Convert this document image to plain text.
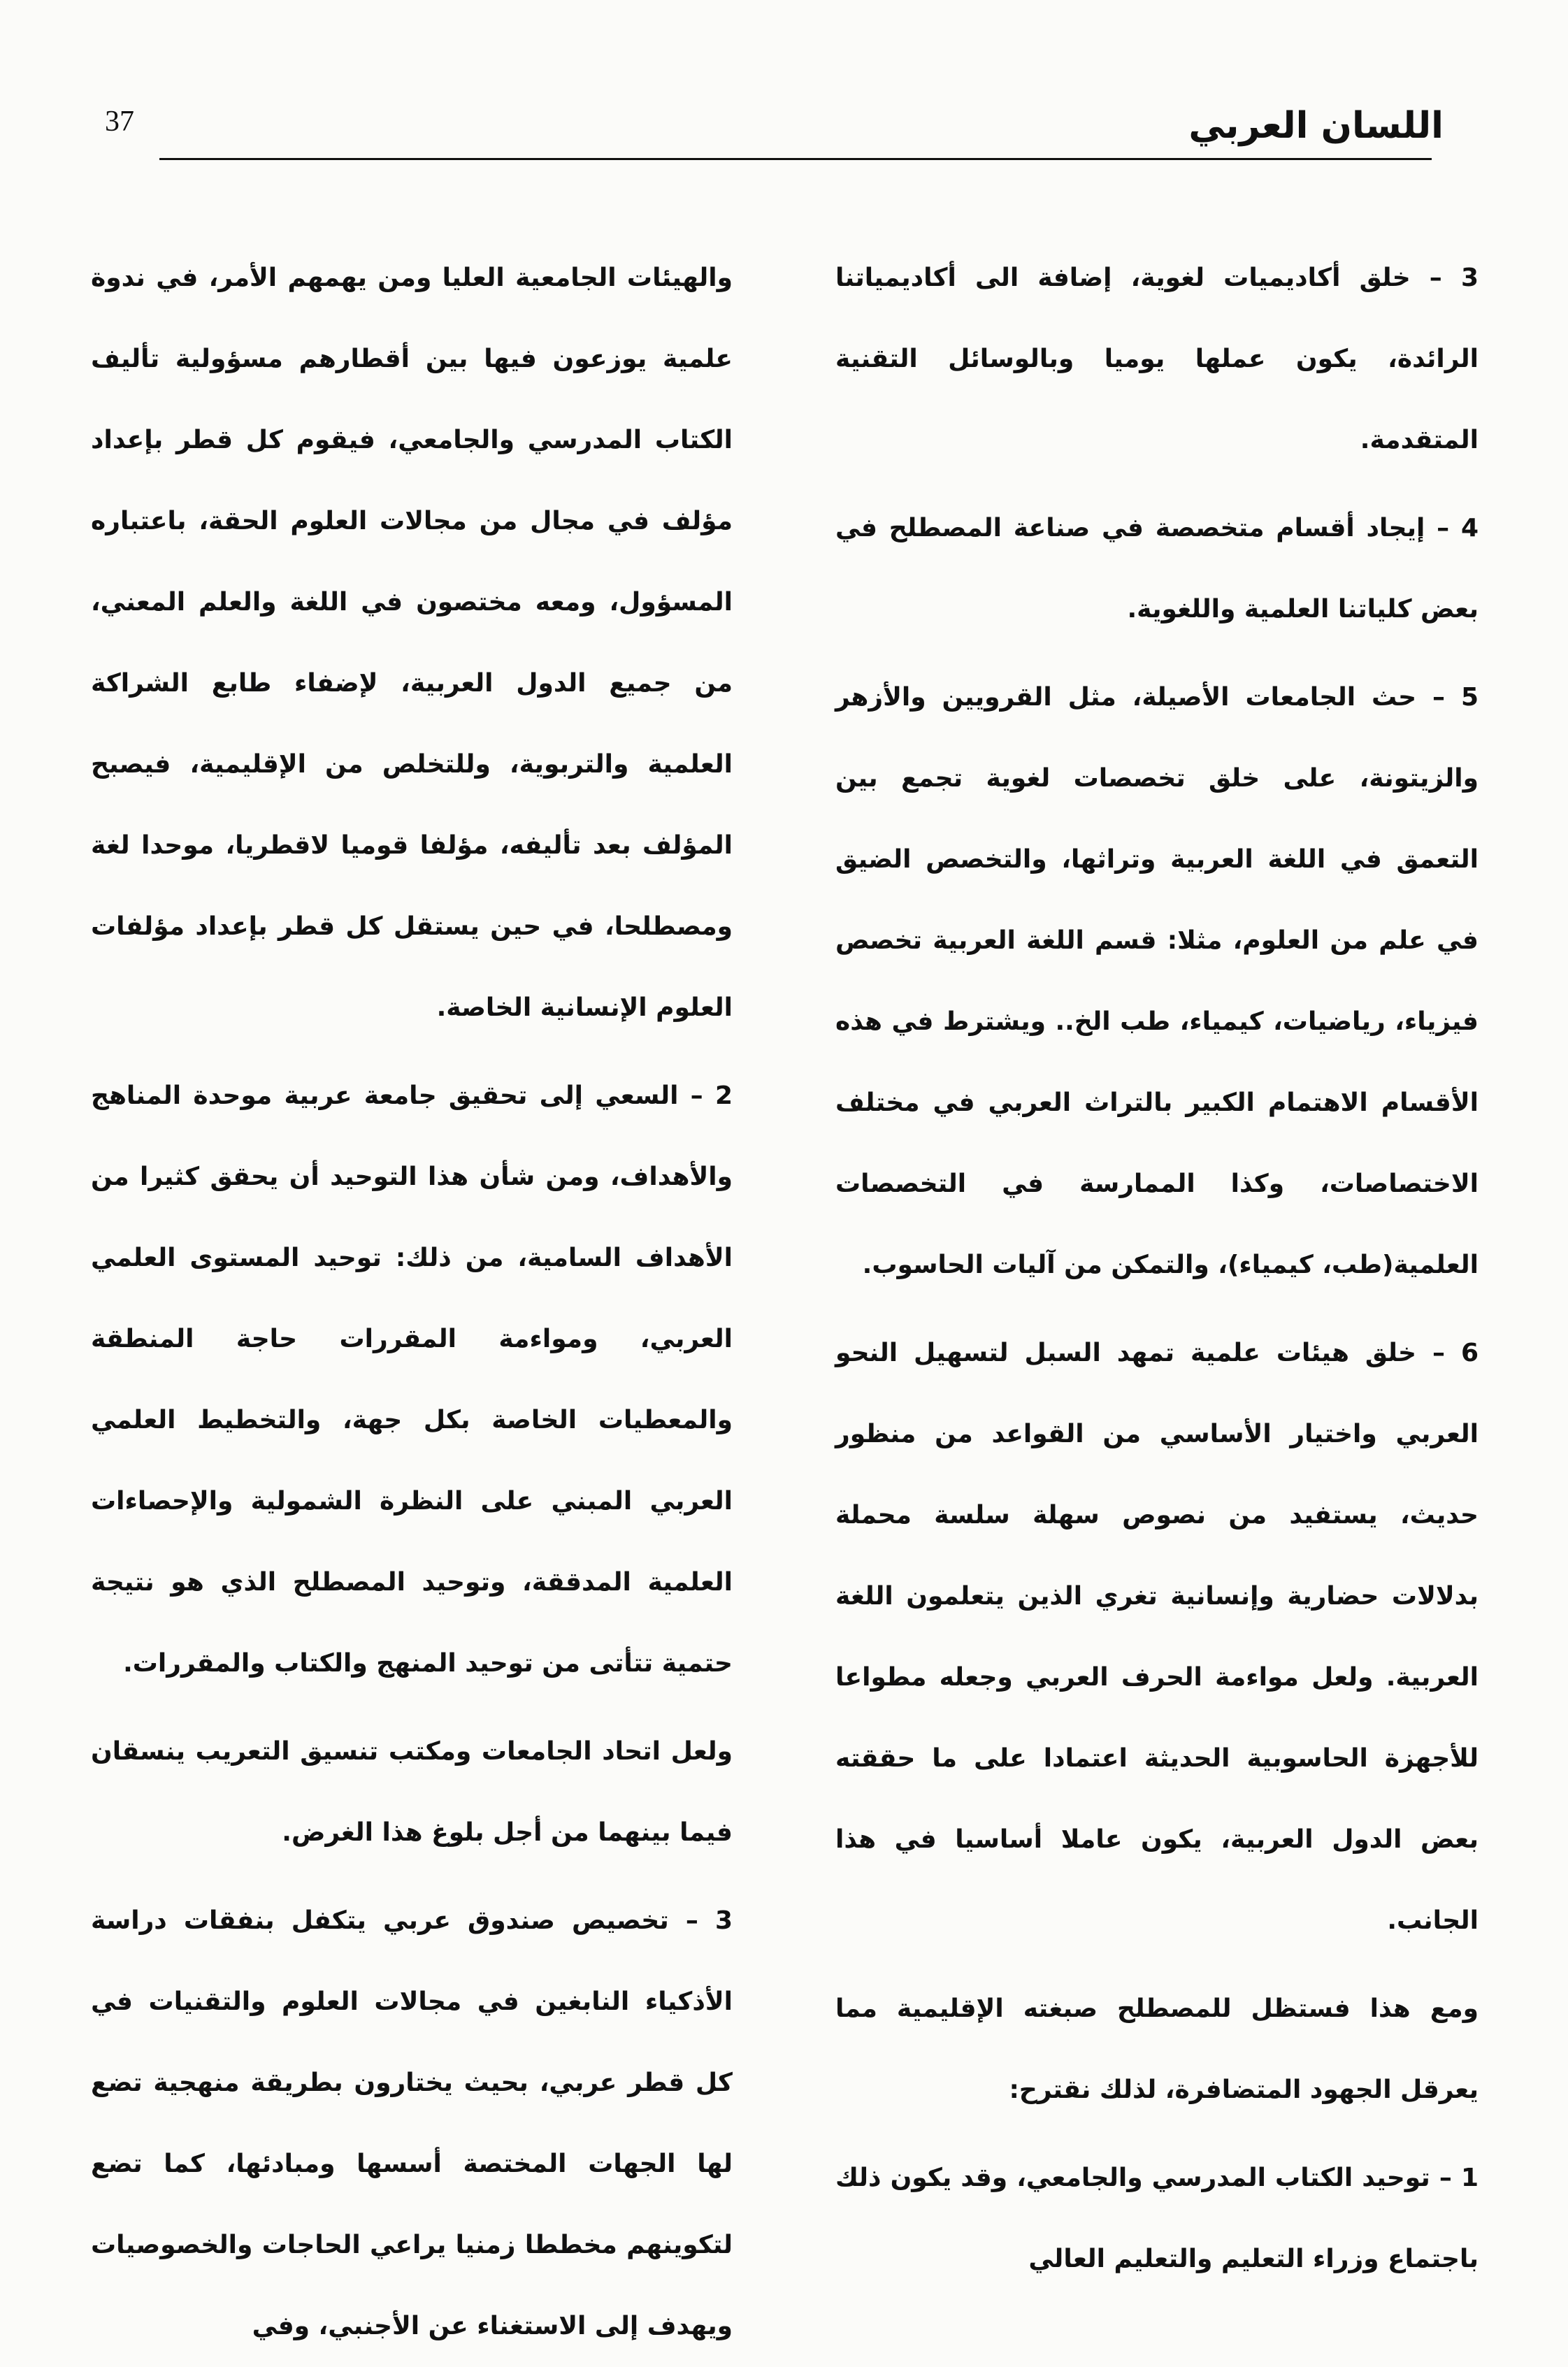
37	اللسان العربي

3 – خلق أكاديميات لغوية، إضافة الى أكاديمياتنا الرائدة، يكون عملها يوميا وبالوسائل التقنية المتقدمة.

4 – إيجاد أقسام متخصصة في صناعة المصطلح في بعض كلياتنا العلمية واللغوية.

5 – حث الجامعات الأصيلة، مثل القرويين والأزهر والزيتونة، على خلق تخصصات لغوية تجمع بين التعمق في اللغة العربية وتراثها، والتخصص الضيق في علم من العلوم، مثلا: قسم اللغة العربية تخصص فيزياء، رياضيات، كيمياء، طب الخ.. ويشترط في هذه الأقسام الاهتمام الكبير بالتراث العربي في مختلف الاختصاصات، وكذا الممارسة في التخصصات العلمية(طب، كيمياء)، والتمكن من آليات الحاسوب.

6 – خلق هيئات علمية تمهد السبل لتسهيل النحو العربي واختيار الأساسي من القواعد من منظور حديث، يستفيد من نصوص سهلة سلسة محملة بدلالات حضارية وإنسانية تغري الذين يتعلمون اللغة العربية. ولعل مواءمة الحرف العربي وجعله مطواعا للأجهزة الحاسوبية الحديثة اعتمادا على ما حققته بعض الدول العربية، يكون عاملا أساسيا في هذا الجانب.

ومع هذا فستظل للمصطلح صبغته الإقليمية مما يعرقل الجهود المتضافرة، لذلك نقترح:

1 – توحيد الكتاب المدرسي والجامعي، وقد يكون ذلك باجتماع وزراء التعليم والتعليم العالي

والهيئات الجامعية العليا ومن يهمهم الأمر، في ندوة علمية يوزعون فيها بين أقطارهم مسؤولية تأليف الكتاب المدرسي والجامعي، فيقوم كل قطر بإعداد مؤلف في مجال من مجالات العلوم الحقة، باعتباره المسؤول، ومعه مختصون في اللغة والعلم المعني، من جميع الدول العربية، لإضفاء طابع الشراكة العلمية والتربوية، وللتخلص من الإقليمية، فيصبح المؤلف بعد تأليفه، مؤلفا قوميا لاقطريا، موحدا لغة ومصطلحا، في حين يستقل كل قطر بإعداد مؤلفات العلوم الإنسانية الخاصة.

2 – السعي إلى تحقيق جامعة عربية موحدة المناهج والأهداف، ومن شأن هذا التوحيد أن يحقق كثيرا من الأهداف السامية، من ذلك: توحيد المستوى العلمي العربي، ومواءمة المقررات حاجة المنطقة والمعطيات الخاصة بكل جهة، والتخطيط العلمي العربي المبني على النظرة الشمولية والإحصاءات العلمية المدققة، وتوحيد المصطلح الذي هو نتيجة حتمية تتأتى من توحيد المنهج والكتاب والمقررات.

ولعل اتحاد الجامعات ومكتب تنسيق التعريب ينسقان فيما بينهما من أجل بلوغ هذا الغرض.

3 – تخصيص صندوق عربي يتكفل بنفقات دراسة الأذكياء النابغين في مجالات العلوم والتقنيات في كل قطر عربي، بحيث يختارون بطريقة منهجية تضع لها الجهات المختصة أسسها ومبادئها، كما تضع لتكوينهم مخططا زمنيا يراعي الحاجات والخصوصيات ويهدف إلى الاستغناء عن الأجنبي، وفي
